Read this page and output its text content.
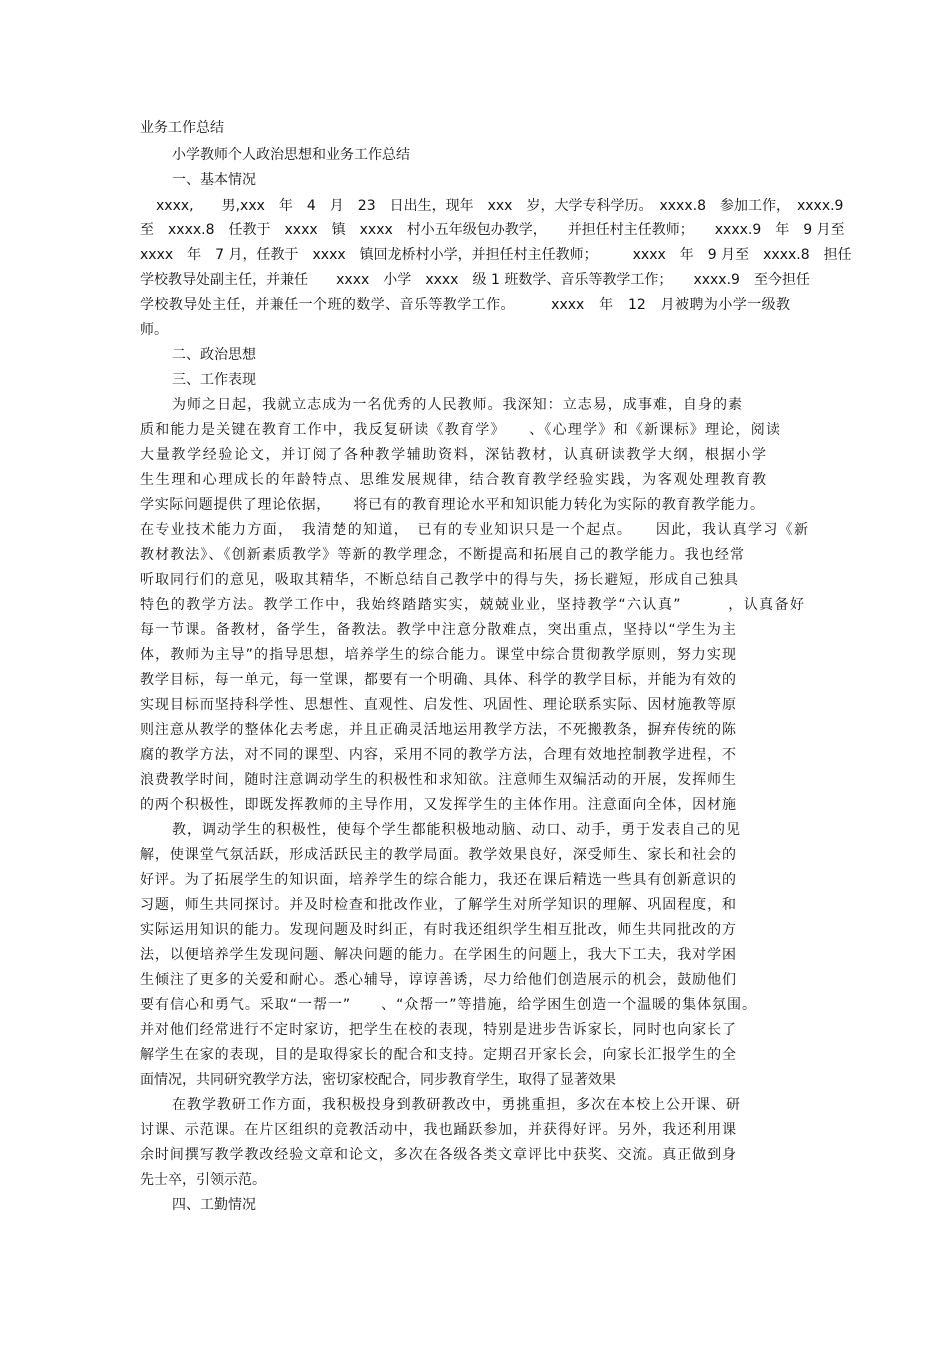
业务工作总结
小学教师个人政治思想和业务工作总结
一、基本情况
xxxx,　　男,xxx　年　4　月　23　日出生，现年　xxx　岁，大学专科学历。　xxxx.8　参加工作，　xxxx.9
至　xxxx.8　任教于　xxxx　镇　xxxx　村小五年级包办教学，　　并担任村主任教师；　　xxxx.9　年　9 月至
xxxx　年　7 月，任教于　xxxx　镇回龙桥村小学，并担任村主任教师；　　　xxxx　年　9 月至　xxxx.8　担任
学校教导处副主任，并兼任　　xxxx　小学　xxxx　级 1 班数学、音乐等教学工作；　　xxxx.9　至今担任
学校教导处主任，并兼任一个班的数学、音乐等教学工作。　　　xxxx　年　12　月被聘为小学一级教
师。
二、政治思想
三、工作表现
为师之日起，我就立志成为一名优秀的人民教师。我深知：立志易，成事难，自身的素
质和能力是关键在教育工作中，我反复研读《教育学》　　、《心理学》和《新课标》理论，阅读
大量教学经验论文，并订阅了各种教学辅助资料，深钻教材，认真研读教学大纲，根据小学
生生理和心理成长的年龄特点、思维发展规律，结合教育教学经验实践，为客观处理教育教
学实际问题提供了理论依据，　　将已有的教育理论水平和知识能力转化为实际的教育教学能力。
在专业技术能力方面，　我清楚的知道，　已有的专业知识只是一个起点。　　因此，我认真学习《新
教材教法》、《创新素质教学》等新的教学理念，不断提高和拓展自己的教学能力。我也经常
听取同行们的意见，吸取其精华，不断总结自己教学中的得与失，扬长避短，形成自己独具
特色的教学方法。教学工作中，我始终踏踏实实，兢兢业业，坚持教学“六认真”　　　，认真备好
每一节课。备教材，备学生，备教法。教学中注意分散难点，突出重点，坚持以“学生为主
体，教师为主导”的指导思想，培养学生的综合能力。课堂中综合贯彻教学原则，努力实现
教学目标，每一单元，每一堂课，都要有一个明确、具体、科学的教学目标，并能为有效的
实现目标而坚持科学性、思想性、直观性、启发性、巩固性、理论联系实际、因材施教等原
则注意从教学的整体化去考虑，并且正确灵活地运用教学方法，不死搬教条，摒弃传统的陈
腐的教学方法，对不同的课型、内容，采用不同的教学方法，合理有效地控制教学进程，不
浪费教学时间，随时注意调动学生的积极性和求知欲。注意师生双编活动的开展，发挥师生
的两个积极性，即既发挥教师的主导作用，又发挥学生的主体作用。注意面向全体，因材施
教，调动学生的积极性，使每个学生都能积极地动脑、动口、动手，勇于发表自己的见
解，使课堂气氛活跃，形成活跃民主的教学局面。教学效果良好，深受师生、家长和社会的
好评。为了拓展学生的知识面，培养学生的综合能力，我还在课后精选一些具有创新意识的
习题，师生共同探讨。并及时检查和批改作业，了解学生对所学知识的理解、巩固程度，和
实际运用知识的能力。发现问题及时纠正，有时我还组织学生相互批改，师生共同批改的方
法，以便培养学生发现问题、解决问题的能力。在学困生的问题上，我大下工夫，我对学困
生倾注了更多的关爱和耐心。悉心辅导，谆谆善诱，尽力给他们创造展示的机会，鼓励他们
要有信心和勇气。采取“一帮一”　　、“众帮一”等措施，给学困生创造一个温暖的集体氛围。
并对他们经常进行不定时家访，把学生在校的表现，特别是进步告诉家长，同时也向家长了
解学生在家的表现，目的是取得家长的配合和支持。定期召开家长会，向家长汇报学生的全
面情况，共同研究教学方法，密切家校配合，同步教育学生，取得了显著效果
在教学教研工作方面，我积极投身到教研教改中，勇挑重担，多次在本校上公开课、研
讨课、示范课。在片区组织的竞教活动中，我也踊跃参加，并获得好评。另外，我还利用课
余时间撰写教学教改经验文章和论文，多次在各级各类文章评比中获奖、交流。真正做到身
先士卒，引领示范。
四、工勤情况
